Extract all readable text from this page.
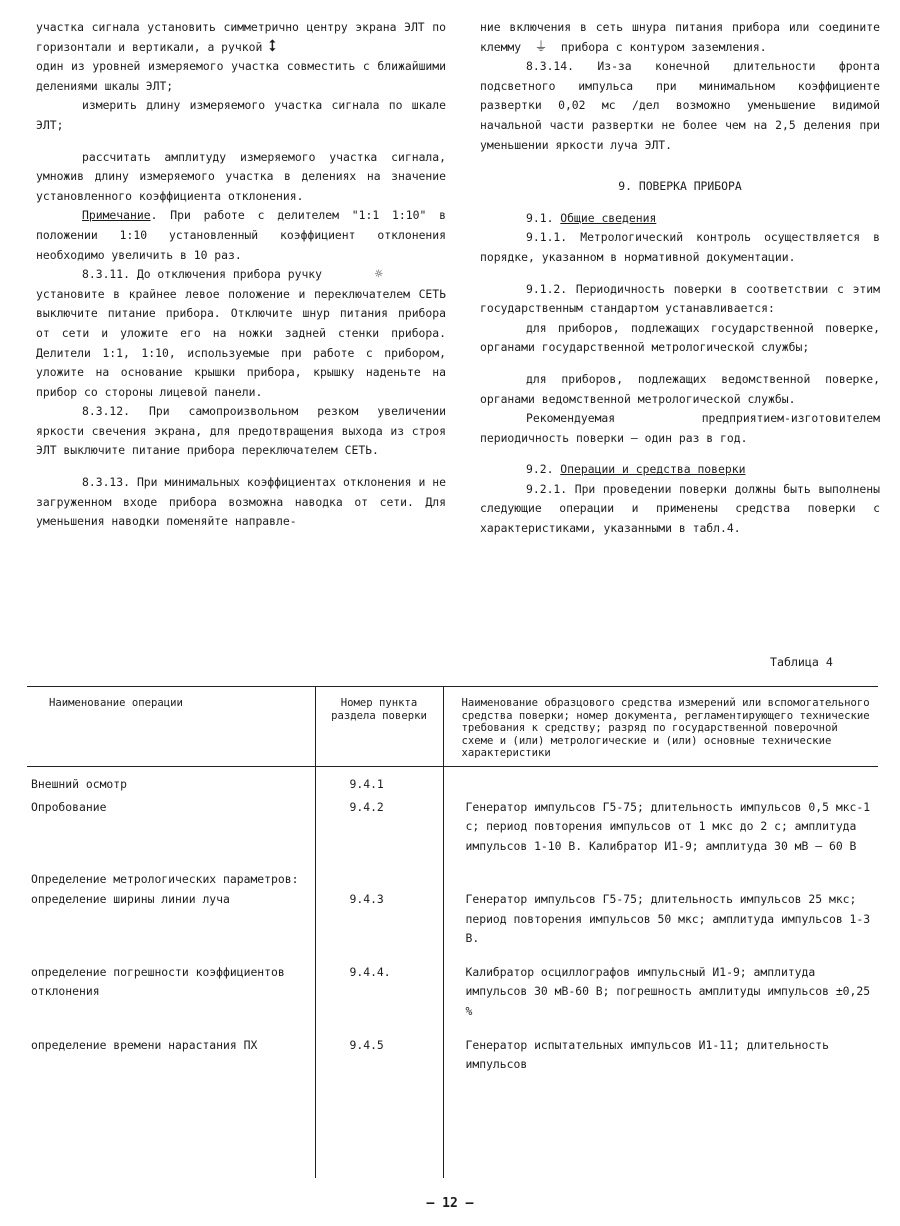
участка сигнала установить симметрично центру экрана ЭЛТ по горизонтали и вертикали, а ручкой ⭥

один из уровней измеряемого участка совместить с ближайшими делениями шкалы ЭЛТ;

измерить длину измеряемого участка сигнала по шкале ЭЛТ;

рассчитать амплитуду измеряемого участка сигнала, умножив длину измеряемого участка в делениях на значение установленного коэффициента отклонения.

Примечание. При работе с делителем "1:1 1:10" в положении 1:10 установленный коэффициент отклонения необходимо увеличить в 10 раз.

8.3.11. До отключения прибора ручку	☼

установите в крайнее левое положение и переключателем СЕТЬ выключите питание прибора. Отключите шнур питания прибора от сети и уложите его на ножки задней стенки прибора. Делители 1:1, 1:10, используемые при работе с прибором, уложите на основание крышки прибора, крышку наденьте на прибор со стороны лицевой панели.

8.3.12. При самопроизвольном резком увеличении яркости свечения экрана, для предотвращения выхода из строя ЭЛТ выключите питание прибора переключателем СЕТЬ.

8.3.13. При минимальных коэффициентах отклонения и не загруженном входе прибора возможна наводка от сети. Для уменьшения наводки поменяйте направле-

ние включения в сеть шнура питания прибора или соедините клемму ⏚ прибора с контуром заземления.

8.3.14. Из-за конечной длительности фронта подсветного импульса при минимальном коэффициенте развертки 0,02 мс /дел возможно уменьшение видимой начальной части развертки не более чем на 2,5 деления при уменьшении яркости луча ЭЛТ.

9. ПОВЕРКА ПРИБОРА

9.1. Общие сведения

9.1.1. Метрологический контроль осуществляется в порядке, указанном в нормативной документации.

9.1.2. Периодичность поверки в соответствии с этим государственным стандартом устанавливается:

для приборов, подлежащих государственной поверке, органами государственной метрологической службы;

для приборов, подлежащих ведомственной поверке, органами ведомственной метрологической службы.

Рекомендуемая предприятием-изготовителем периодичность поверки – один раз в год.

9.2. Операции и средства поверки

9.2.1. При проведении поверки должны быть выполнены следующие операции и применены средства поверки с характеристиками, указанными в табл.4.

Таблица 4
Наименование операции	Номер пункта раздела поверки	Наименование образцового средства измерений или вспомогательного средства поверки; номер документа, регламентирующего технические требования к средству; разряд по государственной поверочной схеме и (или) метрологические и (или) основные технические характеристики
Внешний осмотр	9.4.1	
Опробование	9.4.2	Генератор импульсов Г5-75; длительность импульсов 0,5 мкс-1 с; период повторения импульсов от 1 мкс до 2 с; амплитуда импульсов 1-10 В. Калибратор И1-9; амплитуда 30 мВ – 60 В
Определение метрологических параметров:		
определение ширины линии луча	9.4.3	Генератор импульсов Г5-75; длительность импульсов 25 мкс; период повторения импульсов 50 мкс; амплитуда импульсов 1-3 В.
определение погрешности коэффициентов отклонения	9.4.4.	Калибратор осциллографов импульсный И1-9; амплитуда импульсов 30 мВ-60 В; погрешность амплитуды импульсов ±0,25 %
определение времени нарастания ПХ	9.4.5	Генератор испытательных импульсов И1-11; длительность импульсов
– 12 –
